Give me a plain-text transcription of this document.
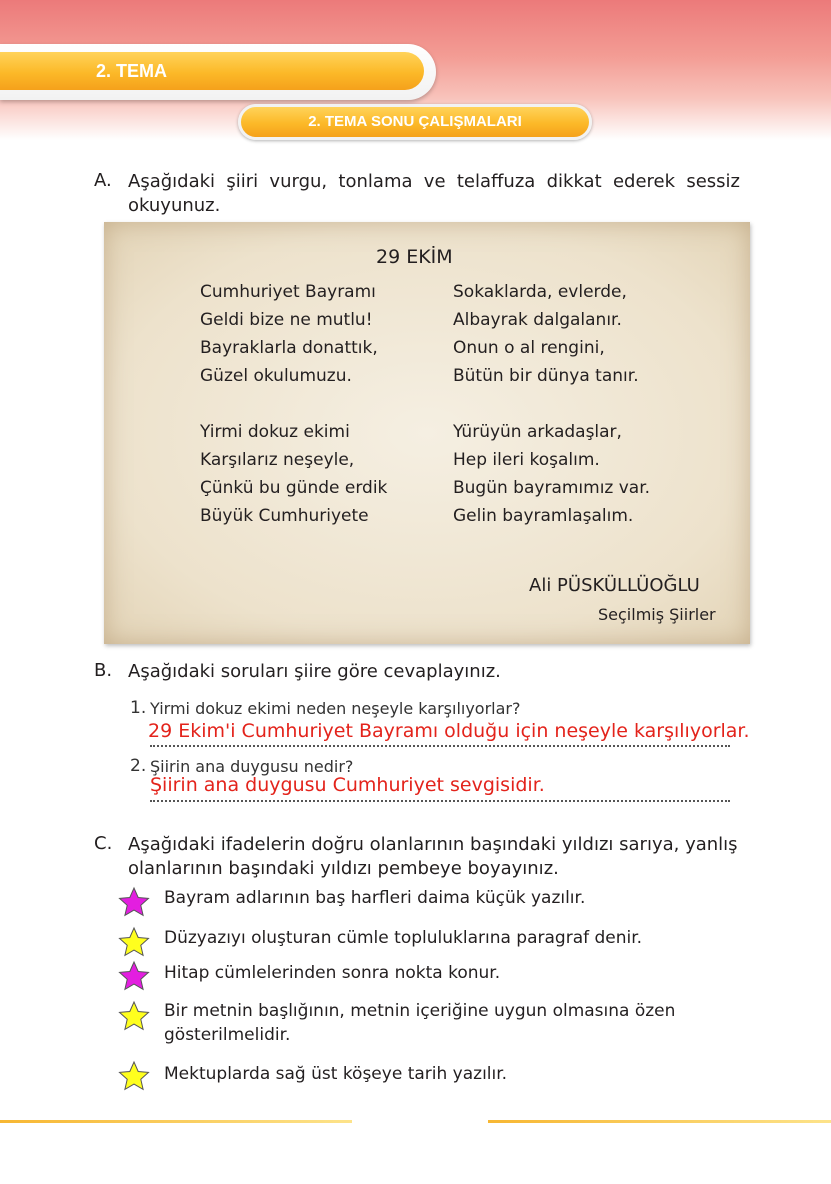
2. TEMA
2. TEMA SONU ÇALIŞMALARI
A. Aşağıdaki şiiri vurgu, tonlama ve telaffuza dikkat ederek sessiz okuyunuz.
29 EKİM
Cumhuriyet Bayramı
Geldi bize ne mutlu!
Bayraklarla donattık,
Güzel okulumuzu.
Yirmi dokuz ekimi
Karşılarız neşeyle,
Çünkü bu günde erdik
Büyük Cumhuriyete
Sokaklarda, evlerde,
Albayrak dalgalanır.
Onun o al rengini,
Bütün bir dünya tanır.
Yürüyün arkadaşlar,
Hep ileri koşalım.
Bugün bayramımız var.
Gelin bayramlaşalım.
Ali PÜSKÜLLÜOĞLU
Seçilmiş Şiirler
B. Aşağıdaki soruları şiire göre cevaplayınız.
1. Yirmi dokuz ekimi neden neşeyle karşılıyorlar?
29 Ekim'i Cumhuriyet Bayramı olduğu için neşeyle karşılıyorlar.
2. Şiirin ana duygusu nedir?
Şiirin ana duygusu Cumhuriyet sevgisidir.
C. Aşağıdaki ifadelerin doğru olanlarının başındaki yıldızı sarıya, yanlış olanlarının başındaki yıldızı pembeye boyayınız.
Bayram adlarının baş harfleri daima küçük yazılır.
Düzyazıyı oluşturan cümle topluluklarına paragraf denir.
Hitap cümlelerinden sonra nokta konur.
Bir metnin başlığının, metnin içeriğine uygun olmasına özen gösterilmelidir.
Mektuplarda sağ üst köşeye tarih yazılır.
